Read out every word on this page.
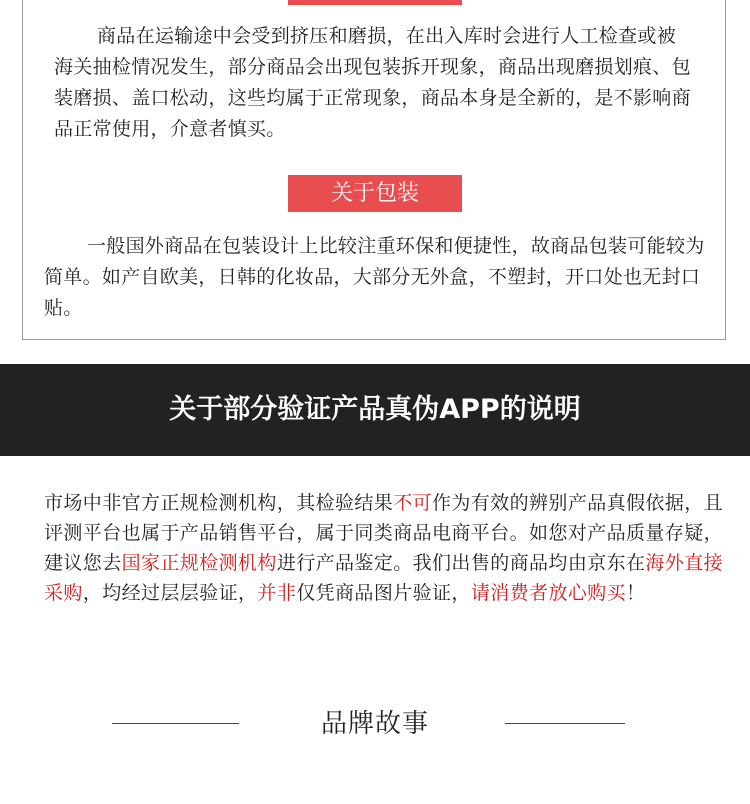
商品在运输途中会受到挤压和磨损，在出入库时会进行人工检查或被海关抽检情况发生，部分商品会出现包装拆开现象，商品出现磨损划痕、包装磨损、盖口松动，这些均属于正常现象，商品本身是全新的，是不影响商品正常使用，介意者慎买。

关于包装

一般国外商品在包装设计上比较注重环保和便捷性，故商品包装可能较为简单。如产自欧美，日韩的化妆品，大部分无外盒，不塑封，开口处也无封口贴。

关于部分验证产品真伪APP的说明

市场中非官方正规检测机构，其检验结果不可作为有效的辨别产品真假依据，且评测平台也属于产品销售平台，属于同类商品电商平台。如您对产品质量存疑，建议您去国家正规检测机构进行产品鉴定。我们出售的商品均由京东在海外直接采购，均经过层层验证，并非仅凭商品图片验证，请消费者放心购买！

品牌故事
